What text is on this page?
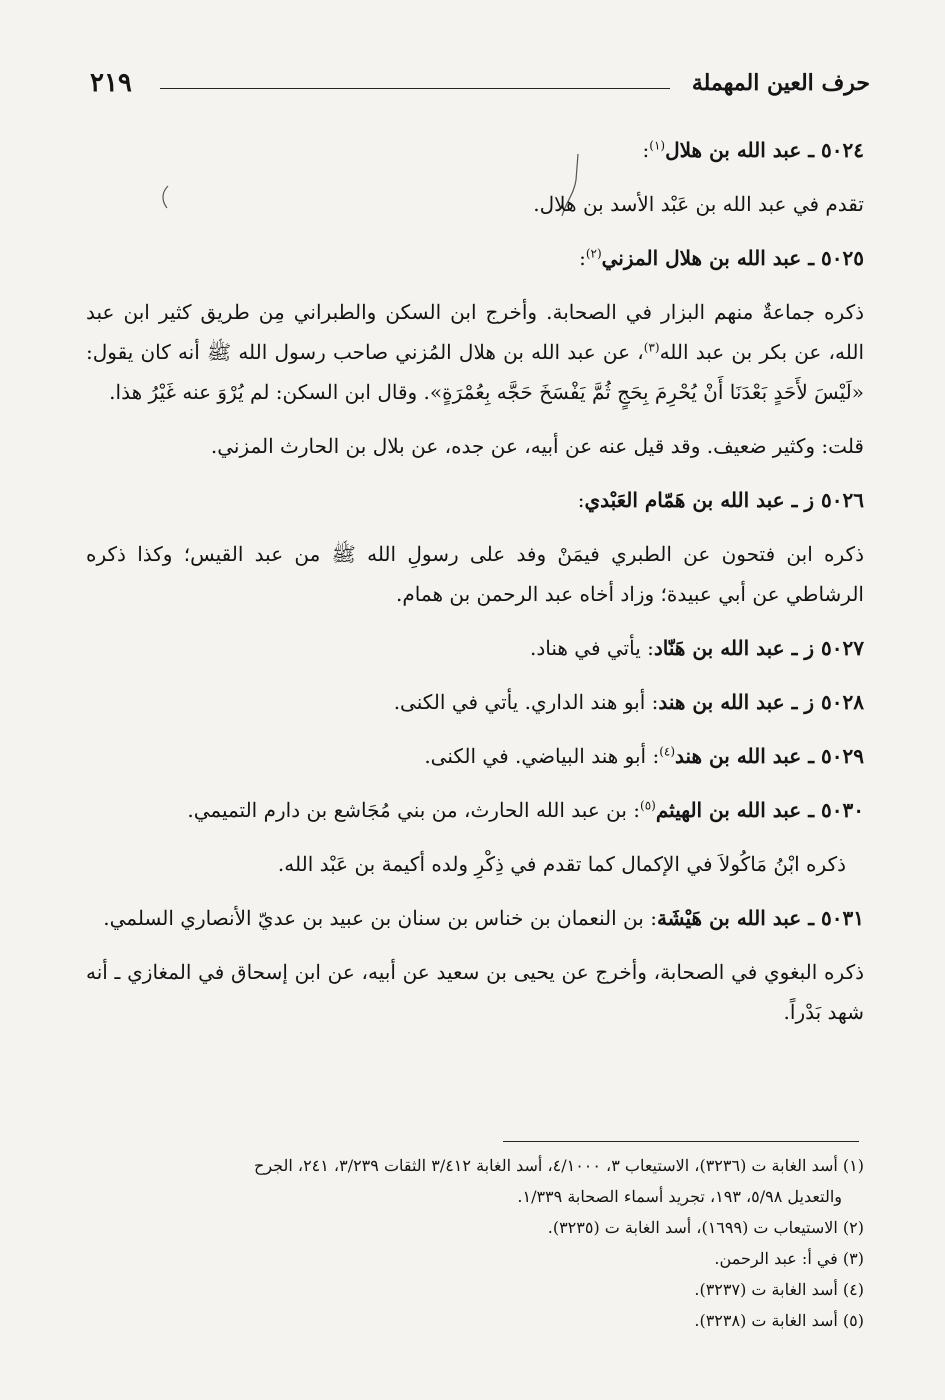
٢١٩	حرف العين المهملة

٥٠٢٤ ـ عبد الله بن هلال$^{(١)}$:

تقدم في عبد الله بن عَبْد الأسد بن هلال.

٥٠٢٥ ـ عبد الله بن هلال المزني$^{(٢)}$:

ذكره جماعةٌ منهم البزار في الصحابة. وأخرج ابن السكن والطبراني مِن طريق كثير ابن عبد الله، عن بكر بن عبد الله$^{(٣)}$، عن عبد الله بن هلال المُزني صاحب رسول الله ﷺ أنه كان يقول: «لَيْسَ لأَحَدٍ بَعْدَنَا أَنْ يُحْرِمَ بِحَجٍ ثُمَّ يَفْسَخَ حَجَّه بِعُمْرَةٍ». وقال ابن السكن: لم يُرْوَ عنه غَيْرُ هذا.

قلت: وكثير ضعيف. وقد قيل عنه عن أبيه، عن جده، عن بلال بن الحارث المزني.

٥٠٢٦ ز ـ عبد الله بن هَمّام العَبْدي:

ذكره ابن فتحون عن الطبري فيمَنْ وفد على رسولِ الله ﷺ من عبد القيس؛ وكذا ذكره الرشاطي عن أبي عبيدة؛ وزاد أخاه عبد الرحمن بن همام.

٥٠٢٧ ز ـ عبد الله بن هَنّاد: يأتي في هناد.

٥٠٢٨ ز ـ عبد الله بن هند: أبو هند الداري. يأتي في الكنى.

٥٠٢٩ ـ عبد الله بن هند$^{(٤)}$: أبو هند البياضي. في الكنى.

٥٠٣٠ ـ عبد الله بن الهيثم$^{(٥)}$: بن عبد الله الحارث، من بني مُجَاشع بن دارم التميمي.

ذكره ابْنُ مَاكُولاَ في الإكمال كما تقدم في ذِكْرِ ولده أكيمة بن عَبْد الله.

٥٠٣١ ـ عبد الله بن هَيْشَة: بن النعمان بن خناس بن سنان بن عبيد بن عديّ الأنصاري السلمي.

ذكره البغوي في الصحابة، وأخرج عن يحيى بن سعيد عن أبيه، عن ابن إسحاق في المغازي ـ أنه شهد بَدْراً.

(١) أسد الغابة ت (٣٢٣٦)، الاستيعاب ٣، ٤/١٠٠٠، أسد الغابة ٣/٤١٢ الثقات ٣/٢٣٩، ٢٤١، الجرح
والتعديل ٥/٩٨، ١٩٣، تجريد أسماء الصحابة ١/٣٣٩.

(٢) الاستيعاب ت (١٦٩٩)، أسد الغابة ت (٣٢٣٥).

(٣) في أ: عبد الرحمن.

(٤) أسد الغابة ت (٣٢٣٧).

(٥) أسد الغابة ت (٣٢٣٨).
